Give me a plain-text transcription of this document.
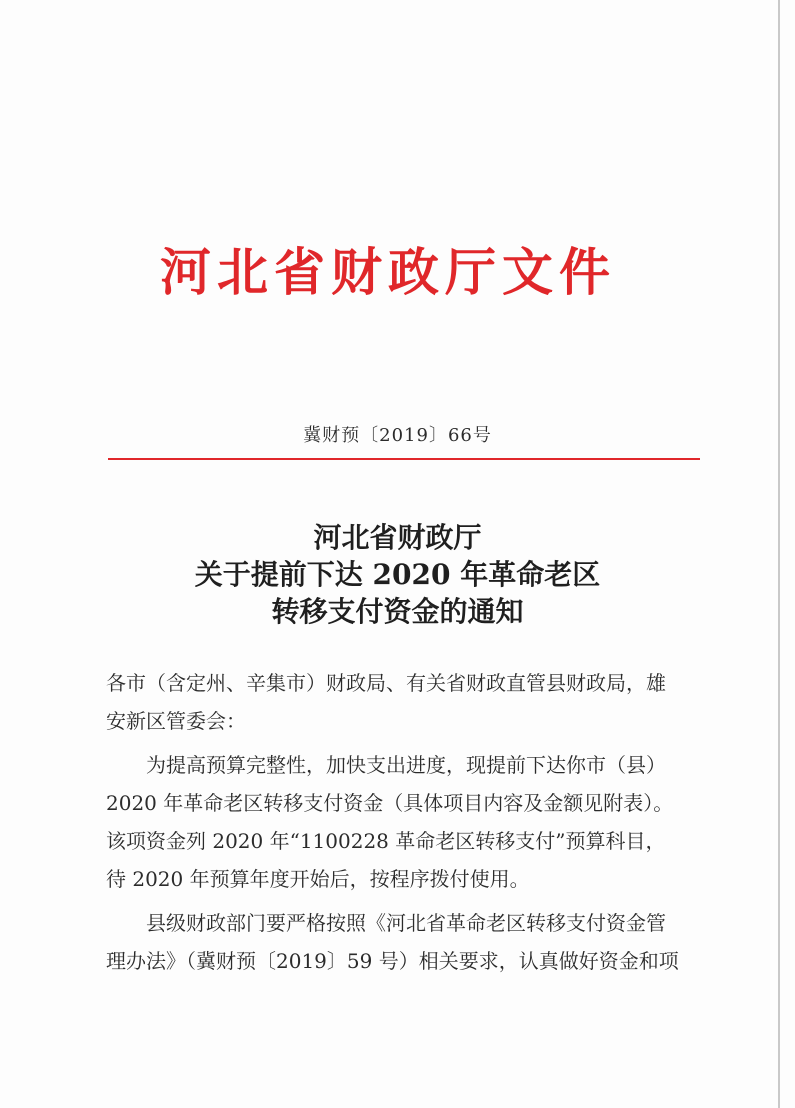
河北省财政厅文件
冀财预〔2019〕66号
河北省财政厅
关于提前下达 2020 年革命老区
转移支付资金的通知
各市（含定州、辛集市）财政局、有关省财政直管县财政局，雄
安新区管委会：
为提高预算完整性，加快支出进度，现提前下达你市（县）
2020 年革命老区转移支付资金（具体项目内容及金额见附表）。
该项资金列 2020 年“1100228 革命老区转移支付”预算科目，
待 2020 年预算年度开始后，按程序拨付使用。
县级财政部门要严格按照《河北省革命老区转移支付资金管
理办法》（冀财预〔2019〕59 号）相关要求，认真做好资金和项
